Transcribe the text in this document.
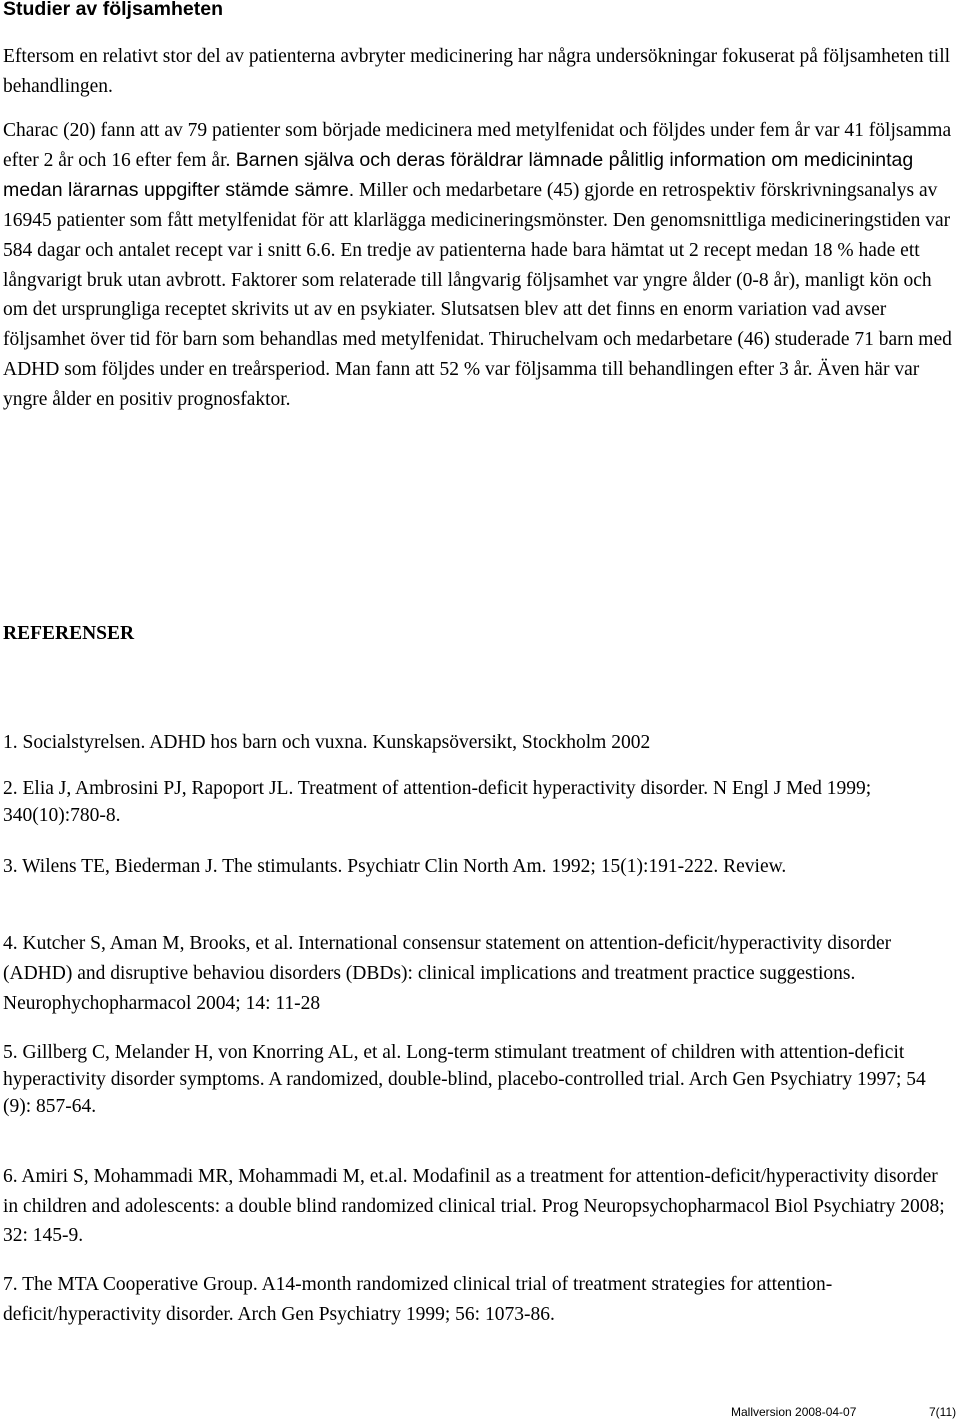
Studier av följsamheten

Eftersom en relativt stor del av patienterna avbryter medicinering har några undersökningar fokuserat på följsamheten till behandlingen.

Charac (20) fann att av 79 patienter som började medicinera med metylfenidat och följdes under fem år var 41 följsamma efter 2 år och 16 efter fem år. Barnen själva och deras föräldrar lämnade pålitlig information om medicinintag medan lärarnas uppgifter stämde sämre. Miller och medarbetare (45) gjorde en retrospektiv förskrivningsanalys av 16945 patienter som fått metylfenidat för att klarlägga medicineringsmönster. Den genomsnittliga medicineringstiden var 584 dagar och antalet recept var i snitt 6.6. En tredje av patienterna hade bara hämtat ut 2 recept medan 18 % hade ett långvarigt bruk utan avbrott. Faktorer som relaterade till långvarig följsamhet var yngre ålder (0-8 år), manligt kön och om det ursprungliga receptet skrivits ut av en psykiater. Slutsatsen blev att det finns en enorm variation vad avser följsamhet över tid för barn som behandlas med metylfenidat. Thiruchelvam och medarbetare (46) studerade 71 barn med ADHD som följdes under en treårsperiod. Man fann att 52 % var följsamma till behandlingen efter 3 år. Även här var yngre ålder en positiv prognosfaktor.

REFERENSER

1. Socialstyrelsen. ADHD hos barn och vuxna. Kunskapsöversikt, Stockholm 2002

2. Elia J, Ambrosini PJ, Rapoport JL. Treatment of attention-deficit hyperactivity disorder. N Engl J Med 1999; 340(10):780-8.

3. Wilens TE, Biederman J. The stimulants. Psychiatr Clin North Am. 1992; 15(1):191-222. Review.

4. Kutcher S, Aman M, Brooks, et al. International consensur statement on attention-deficit/hyperactivity disorder (ADHD) and disruptive behaviou disorders (DBDs): clinical implications and treatment practice suggestions. Neurophychopharmacol 2004; 14: 11-28

5. Gillberg C, Melander H, von Knorring AL, et al. Long-term stimulant treatment of children with attention-deficit hyperactivity disorder symptoms. A randomized, double-blind, placebo-controlled trial. Arch Gen Psychiatry 1997; 54 (9): 857-64.

6. Amiri S, Mohammadi MR, Mohammadi M, et.al. Modafinil as a treatment for attention-deficit/hyperactivity disorder in children and adolescents: a double blind randomized clinical trial. Prog Neuropsychopharmacol Biol Psychiatry 2008; 32: 145-9.

7. The MTA Cooperative Group. A14-month randomized clinical trial of treatment strategies for attention-deficit/hyperactivity disorder. Arch Gen Psychiatry 1999; 56: 1073-86.

Mallversion 2008-04-07	7(11)
